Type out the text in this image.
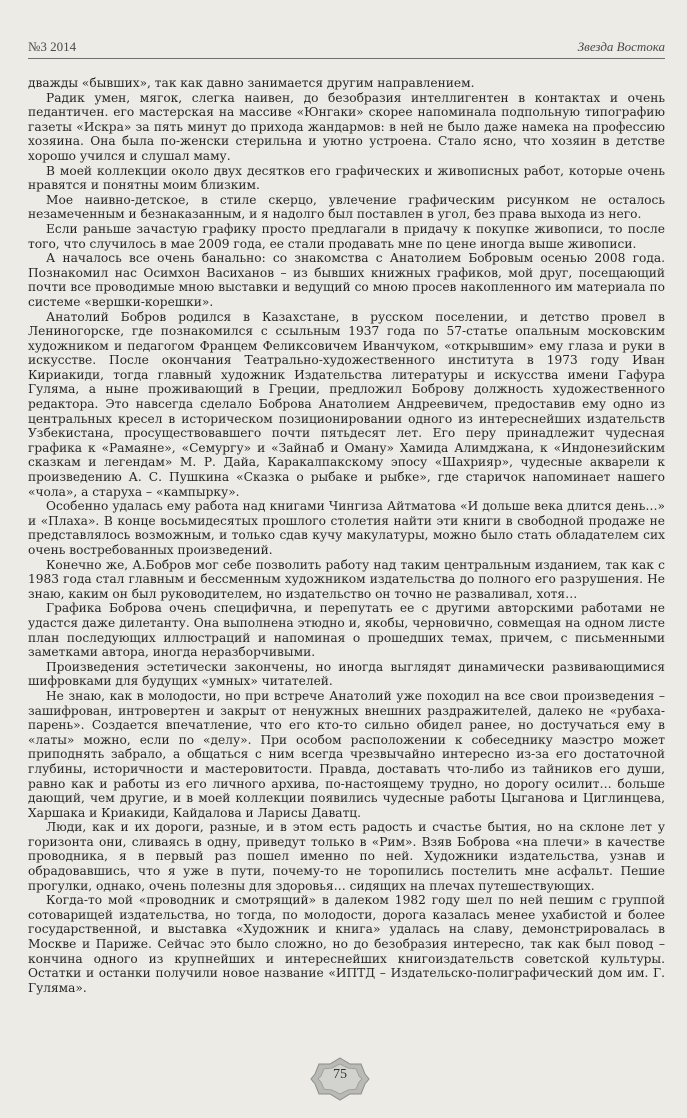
№3 2014	Звезда Востока

дважды «бывших», так как давно занимается другим направлением.

Радик умен, мягок, слегка наивен, до безобразия интеллигентен в контактах и очень педантичен. его мастерская на массиве «Юнгаки» скорее напоминала подпольную типографию газеты «Искра» за пять минут до прихода жандармов: в ней не было даже намека на профессию хозяина. Она была по-женски стерильна и уютно устроена. Стало ясно, что хозяин в детстве хорошо учился и слушал маму.

В моей коллекции около двух десятков его графических и живописных работ, которые очень нравятся и понятны моим близким.

Мое наивно-детское, в стиле скерцо, увлечение графическим рисунком не осталось незамеченным и безнаказанным, и я надолго был поставлен в угол, без права выхода из него.

Если раньше зачастую графику просто предлагали в придачу к покупке живописи, то после того, что случилось в мае 2009 года, ее стали продавать мне по цене иногда выше живописи.

А началось все очень банально: со знакомства с Анатолием Бобровым осенью 2008 года. Познакомил нас Осимхон Васиханов – из бывших книжных графиков, мой друг, посещающий почти все проводимые мною выставки и ведущий со мною просев накопленного им материала по системе «вершки-корешки».

Анатолий Бобров родился в Казахстане, в русском поселении, и детство провел в Лениногорске, где познакомился с ссыльным 1937 года по 57-статье опальным московским художником и педагогом Францем Феликсовичем Иванчуком, «открывшим» ему глаза и руки в искусстве. После окончания Театрально-художественного института в 1973 году Иван Кириакиди, тогда главный художник Издательства литературы и искусства имени Гафура Гуляма, а ныне проживающий в Греции, предложил Боброву должность художественного редактора. Это навсегда сделало Боброва Анатолием Андреевичем, предоставив ему одно из центральных кресел в историческом позиционировании одного из интереснейших издательств Узбекистана, просуществовавшего почти пятьдесят лет. Его перу принадлежит чудесная графика к «Рамаяне», «Семургу» и «Зайнаб и Оману» Хамида Алимджана, к «Индонезийским сказкам и легендам» М. Р. Дайа, Каракалпакскому эпосу «Шахрияр», чудесные акварели к произведению А. С. Пушкина «Сказка о рыбаке и рыбке», где старичок напоминает нашего «чола», а старуха – «кампырку».

Особенно удалась ему работа над книгами Чингиза Айтматова «И дольше века длится день…» и «Плаха». В конце восьмидесятых прошлого столетия найти эти книги в свободной продаже не представлялось возможным, и только сдав кучу макулатуры, можно было стать обладателем сих очень востребованных произведений.

Конечно же, А.Бобров мог себе позволить работу над таким центральным изданием, так как с 1983 года стал главным и бессменным художником издательства до полного его разрушения. Не знаю, каким он был руководителем, но издательство он точно не разваливал, хотя…

Графика Боброва очень специфична, и перепутать ее с другими авторскими работами не удастся даже дилетанту. Она выполнена этюдно и, якобы, черновично, совмещая на одном листе план последующих иллюстраций и напоминая о прошедших темах, причем, с письменными заметками автора, иногда неразборчивыми.

Произведения эстетически закончены, но иногда выглядят динамически развивающимися шифровками для будущих «умных» читателей.

Не знаю, как в молодости, но при встрече Анатолий уже походил на все свои произведения – зашифрован, интровертен и закрыт от ненужных внешних раздражителей, далеко не «рубаха-парень». Создается впечатление, что его кто-то сильно обидел ранее, но достучаться ему в «латы» можно, если по «делу». При особом расположении к собеседнику маэстро может приподнять забрало, а общаться с ним всегда чрезвычайно интересно из-за его достаточной глубины, историчности и мастеровитости. Правда, доставать что-либо из тайников его души, равно как и работы из его личного архива, по-настоящему трудно, но дорогу осилит… больше дающий, чем другие, и в моей коллекции появились чудесные работы Цыганова и Циглинцева, Харшака и Криакиди, Кайдалова и Ларисы Даватц.

Люди, как и их дороги, разные, и в этом есть радость и счастье бытия, но на склоне лет у горизонта они, сливаясь в одну, приведут только в «Рим». Взяв Боброва «на плечи» в качестве проводника, я в первый раз пошел именно по ней. Художники издательства, узнав и обрадовавшись, что я уже в пути, почему-то не торопились постелить мне асфальт. Пешие прогулки, однако, очень полезны для здоровья… сидящих на плечах путешествующих.

Когда-то мой «проводник и смотрящий» в далеком 1982 году шел по ней пешим с группой сотоварищей издательства, но тогда, по молодости, дорога казалась менее ухабистой и более государственной, и выставка «Художник и книга» удалась на славу, демонстрировалась в Москве и Париже. Сейчас это было сложно, но до безобразия интересно, так как был повод – кончина одного из крупнейших и интереснейших книгоиздательств советской культуры. Остатки и останки получили новое название «ИПТД – Издательско-полиграфический дом им. Г. Гуляма».

75
